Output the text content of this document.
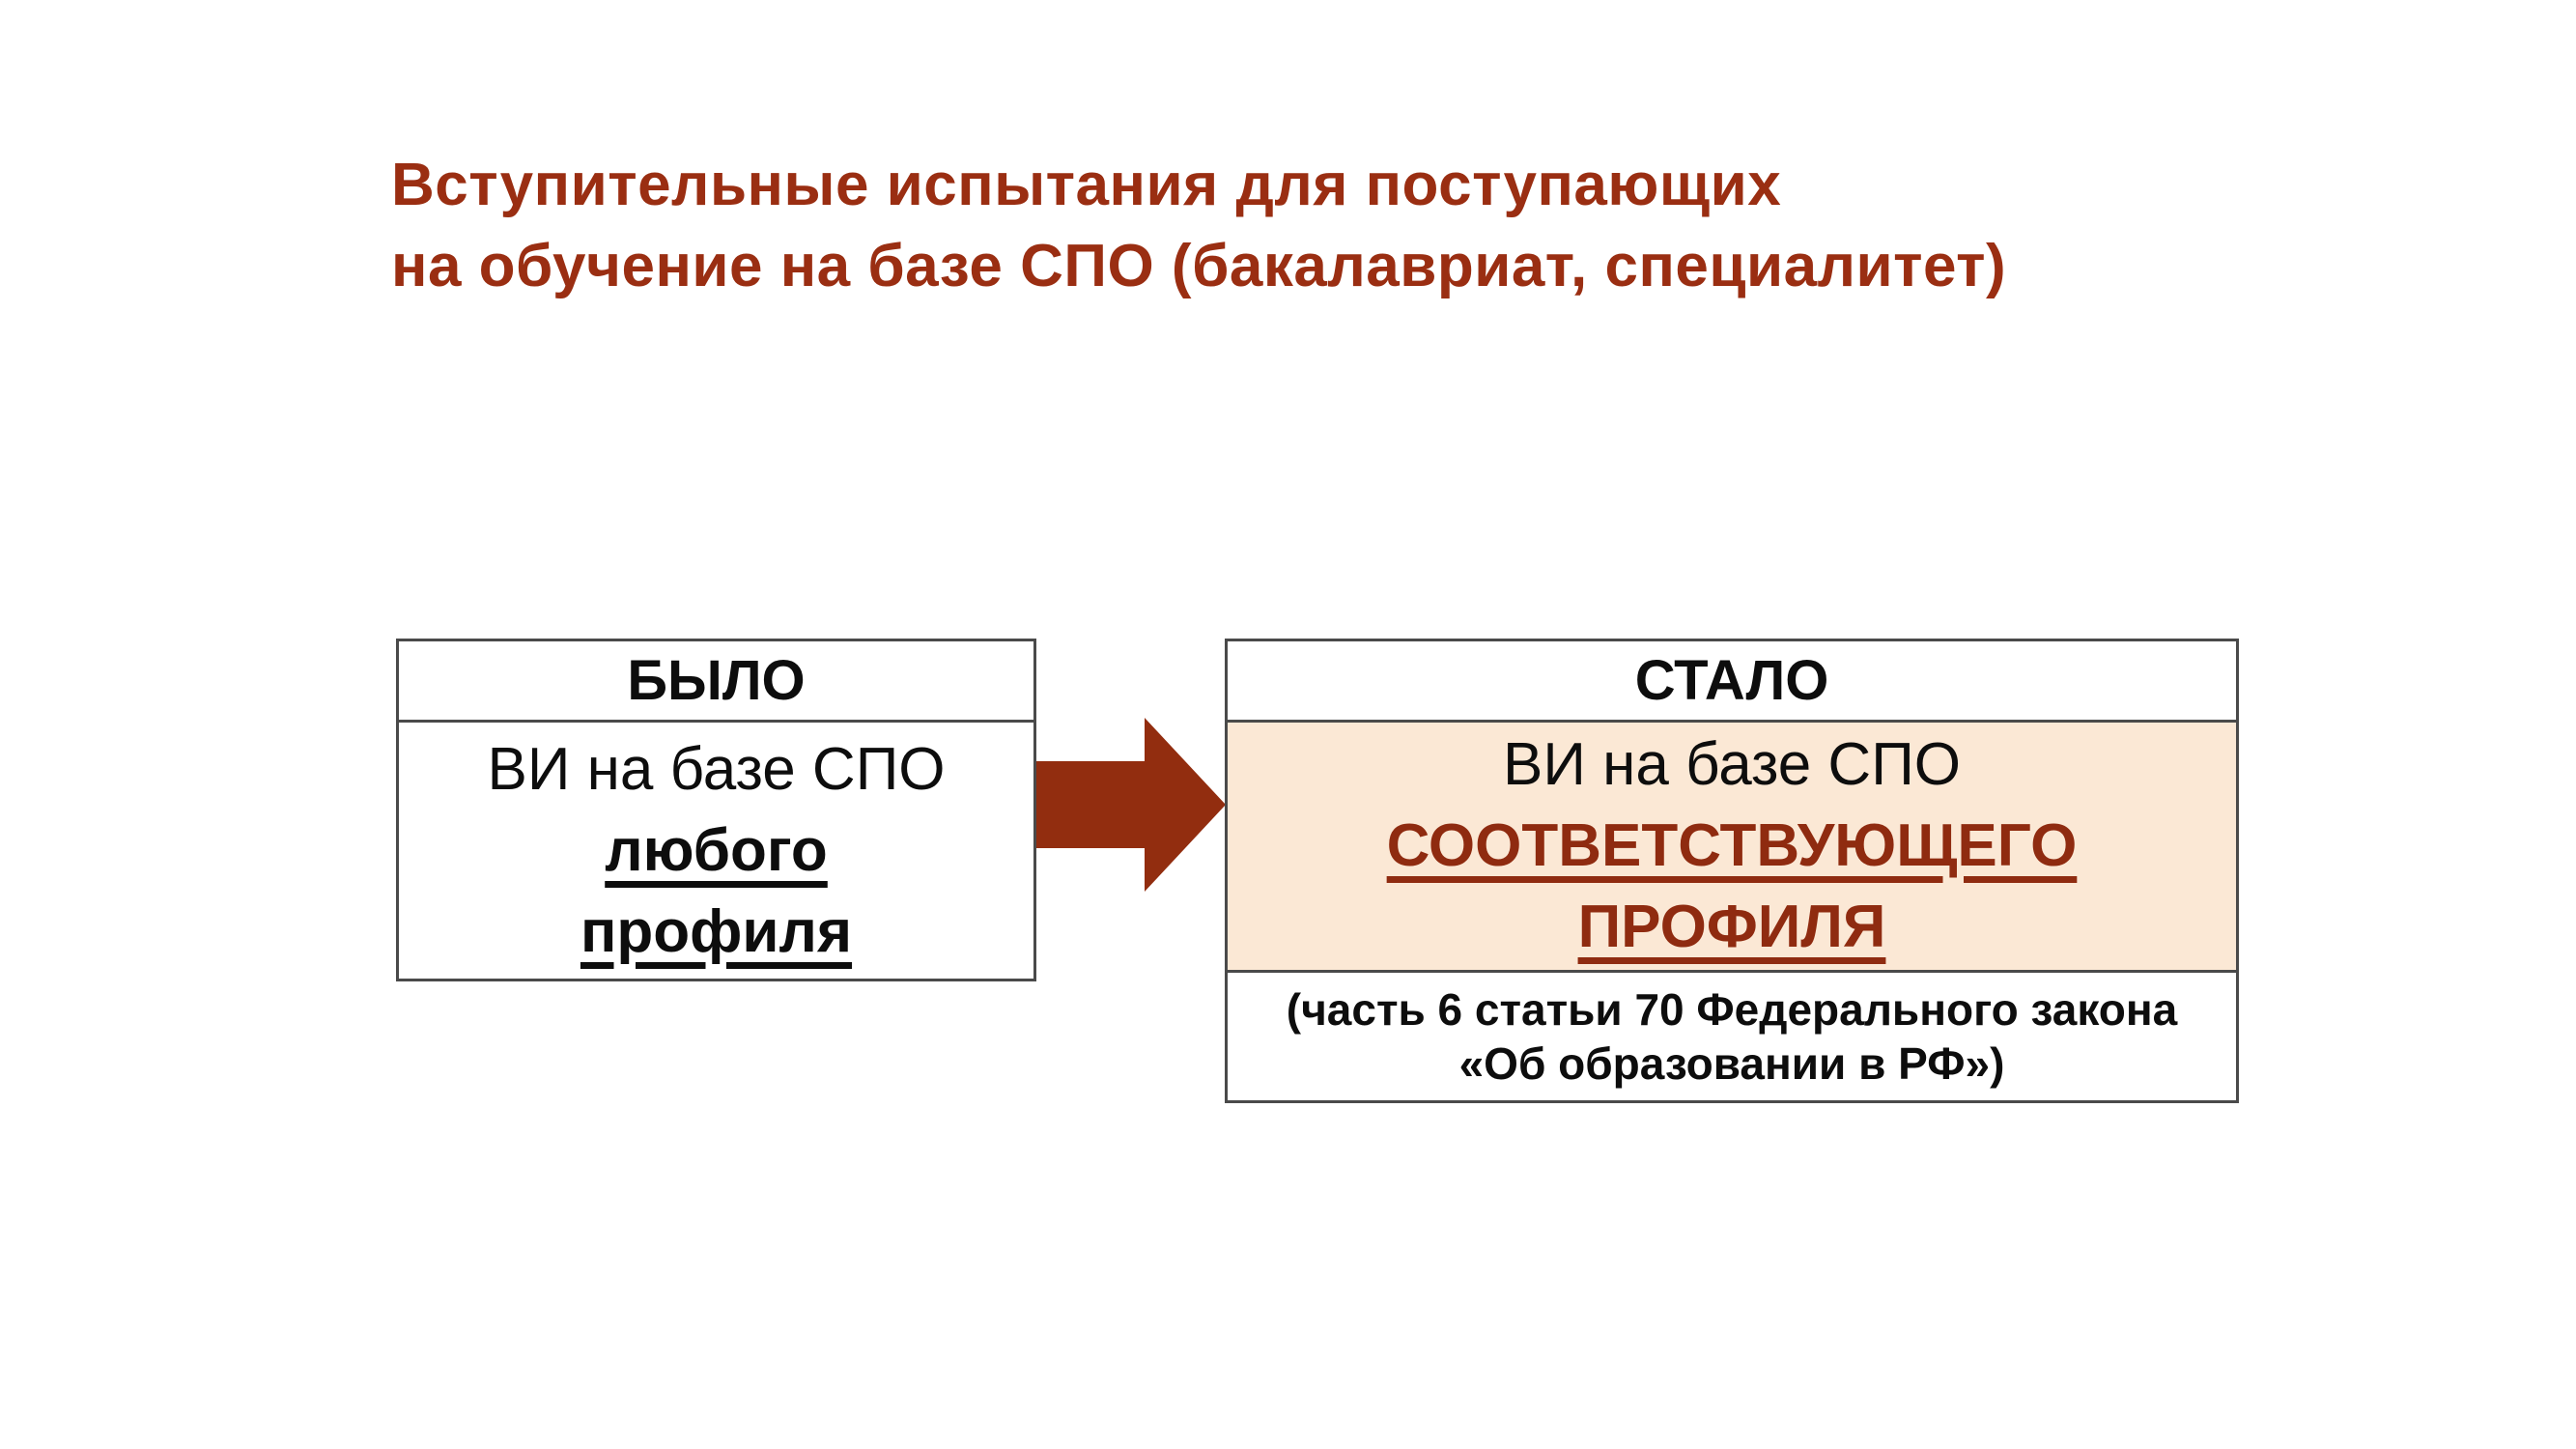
Вступительные испытания для поступающих
на обучение на базе СПО (бакалавриат, специалитет)
БЫЛО
ВИ на базе СПО
любого
профиля
СТАЛО
ВИ на базе СПО
СООТВЕТСТВУЮЩЕГО
ПРОФИЛЯ
(часть 6 статьи 70 Федерального закона
«Об образовании в РФ»)
